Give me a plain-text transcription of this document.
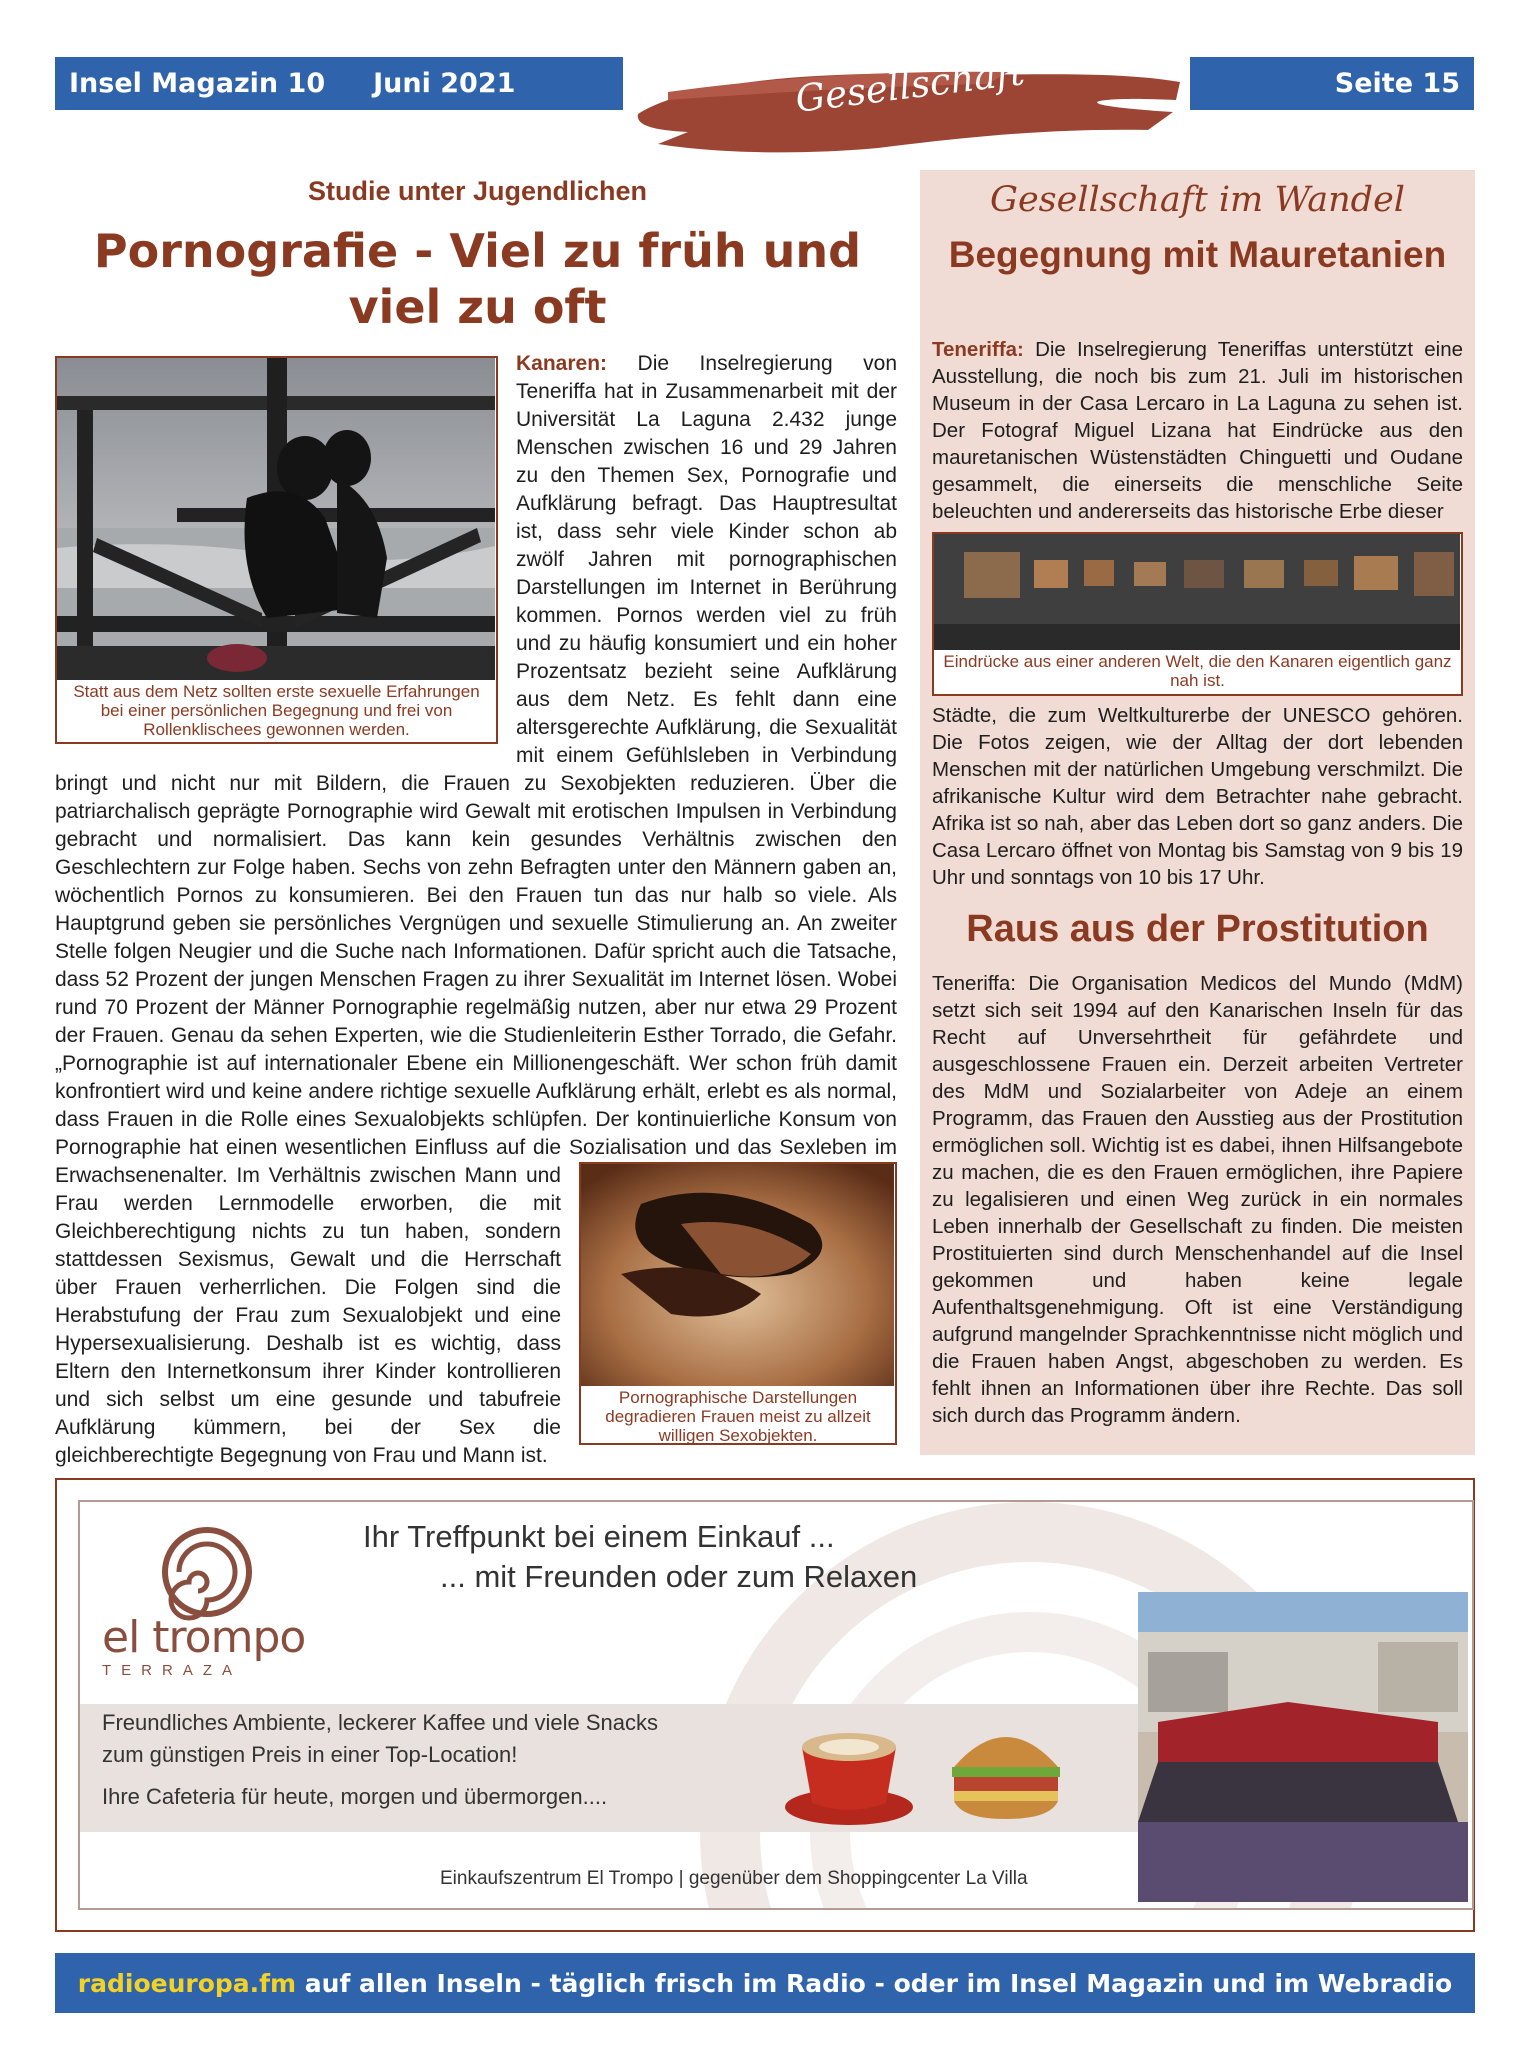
Insel Magazin 10 Juni 2021	Gesellschaft	Seite 15
Studie unter Jugendlichen
Pornografie - Viel zu früh und viel zu oft
Statt aus dem Netz sollten erste sexuelle Erfahrungen bei einer persönlichen Begegnung und frei von Rollenklischees gewonnen werden.
Kanaren: Die Inselregierung von Teneriffa hat in Zusammenarbeit mit der Universität La Laguna 2.432 junge Menschen zwischen 16 und 29 Jahren zu den Themen Sex, Pornografie und Aufklärung befragt. Das Hauptresultat ist, dass sehr viele Kinder schon ab zwölf Jahren mit pornographischen Darstellungen im Internet in Berührung kommen. Pornos werden viel zu früh und zu häufig konsumiert und ein hoher Prozentsatz bezieht seine Aufklärung aus dem Netz. Es fehlt dann eine altersgerechte Aufklärung, die Sexualität mit einem Gefühlsleben in Verbindung bringt und nicht nur mit Bildern, die Frauen zu Sexobjekten reduzieren. Über die patriarchalisch geprägte Pornographie wird Gewalt mit erotischen Impulsen in Verbindung gebracht und normalisiert. Das kann kein gesundes Verhältnis zwischen den Geschlechtern zur Folge haben. Sechs von zehn Befragten unter den Männern gaben an, wöchentlich Pornos zu konsumieren. Bei den Frauen tun das nur halb so viele. Als Hauptgrund geben sie persönliches Vergnügen und sexuelle Stimulierung an. An zweiter Stelle folgen Neugier und die Suche nach Informationen. Dafür spricht auch die Tatsache, dass 52 Prozent der jungen Menschen Fragen zu ihrer Sexualität im Internet lösen. Wobei rund 70 Prozent der Männer Pornographie regelmäßig nutzen, aber nur etwa 29 Prozent der Frauen. Genau da sehen Experten, wie die Studienleiterin Esther Torrado, die Gefahr. „Pornographie ist auf internationaler Ebene ein Millionengeschäft. Wer schon früh damit konfrontiert wird und keine andere richtige sexuelle Aufklärung erhält, erlebt es als normal, dass Frauen in die Rolle eines Sexualobjekts schlüpfen. Der kontinuierliche Konsum von Pornographie hat einen wesentlichen Einfluss auf die Sozialisation und das Sexleben im Erwachsenenalter. Im
Pornographische Darstellungen degradieren Frauen meist zu allzeit willigen Sexobjekten.
Verhältnis zwischen Mann und Frau werden Lernmodelle erworben, die mit Gleichberechtigung nichts zu tun haben, sondern stattdessen Sexismus, Gewalt und die Herrschaft über Frauen verherrlichen. Die Folgen sind die Herabstufung der Frau zum Sexualobjekt und eine Hypersexualisierung. Deshalb ist es wichtig, dass Eltern den Internetkonsum ihrer Kinder kontrollieren und sich selbst um eine gesunde und tabufreie Aufklärung kümmern, bei der Sex die gleichberechtigte Begegnung von Frau und Mann ist.
Gesellschaft im Wandel
Begegnung mit Mauretanien
Teneriffa: Die Inselregierung Teneriffas unterstützt eine Ausstellung, die noch bis zum 21. Juli im historischen Museum in der Casa Lercaro in La Laguna zu sehen ist. Der Fotograf Miguel Lizana hat Eindrücke aus den mauretanischen Wüstenstädten Chinguetti und Oudane gesammelt, die einerseits die menschliche Seite beleuchten und andererseits das historische Erbe dieser
Eindrücke aus einer anderen Welt, die den Kanaren eigentlich ganz nah ist.
Städte, die zum Weltkulturerbe der UNESCO gehören. Die Fotos zeigen, wie der Alltag der dort lebenden Menschen mit der natürlichen Umgebung verschmilzt. Die afrikanische Kultur wird dem Betrachter nahe gebracht. Afrika ist so nah, aber das Leben dort so ganz anders. Die Casa Lercaro öffnet von Montag bis Samstag von 9 bis 19 Uhr und sonntags von 10 bis 17 Uhr.
Raus aus der Prostitution
Teneriffa: Die Organisation Medicos del Mundo (MdM) setzt sich seit 1994 auf den Kanarischen Inseln für das Recht auf Unversehrtheit für gefährdete und ausgeschlossene Frauen ein. Derzeit arbeiten Vertreter des MdM und Sozialarbeiter von Adeje an einem Programm, das Frauen den Ausstieg aus der Prostitution ermöglichen soll. Wichtig ist es dabei, ihnen Hilfsangebote zu machen, die es den Frauen ermöglichen, ihre Papiere zu legalisieren und einen Weg zurück in ein normales Leben innerhalb der Gesellschaft zu finden. Die meisten Prostituierten sind durch Menschenhandel auf die Insel gekommen und haben keine legale Aufenthaltsgenehmigung. Oft ist eine Verständigung aufgrund mangelnder Sprachkenntnisse nicht möglich und die Frauen haben Angst, abgeschoben zu werden. Es fehlt ihnen an Informationen über ihre Rechte. Das soll sich durch das Programm ändern.
el trompo
TERRAZA
Ihr Treffpunkt bei einem Einkauf ...
... mit Freunden oder zum Relaxen
Freundliches Ambiente, leckerer Kaffee und viele Snacks
zum günstigen Preis in einer Top-Location!
Ihre Cafeteria für heute, morgen und übermorgen....
Einkaufszentrum El Trompo | gegenüber dem Shoppingcenter La Villa
radioeuropa.fm auf allen Inseln - täglich frisch im Radio - oder im Insel Magazin und im Webradio
